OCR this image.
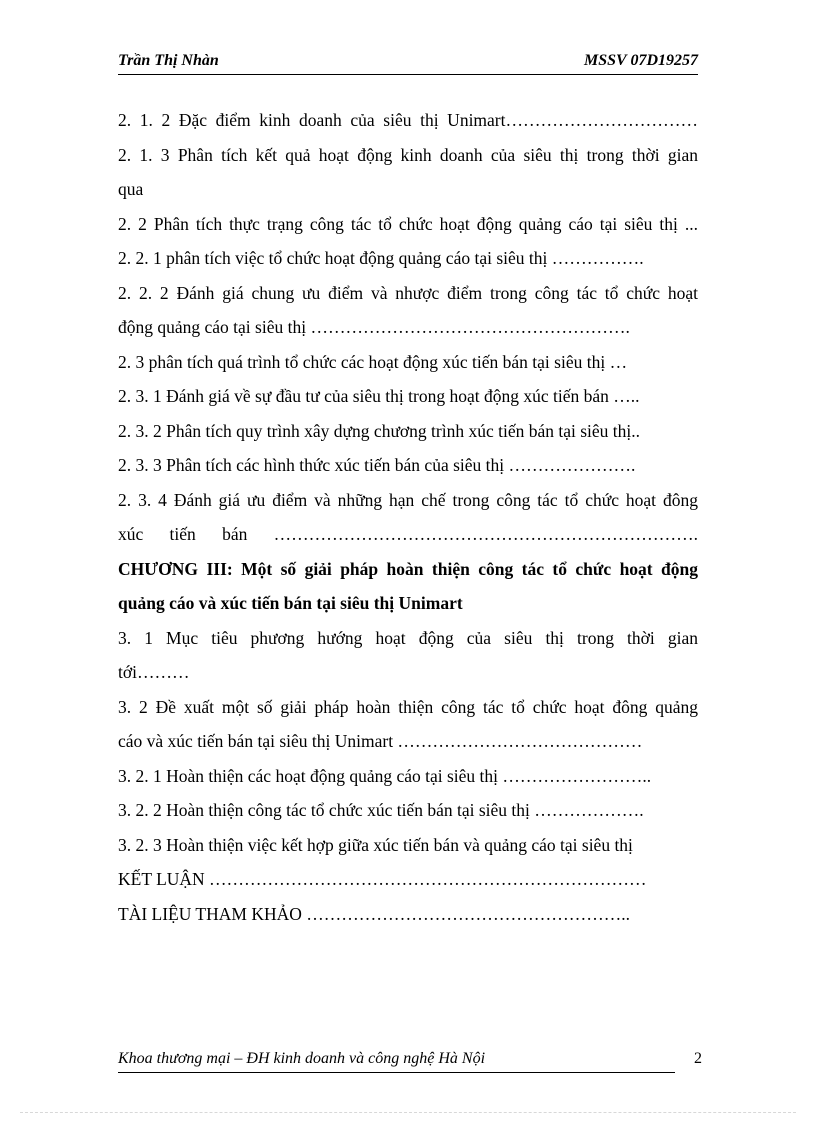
Trần Thị Nhàn	MSSV 07D19257
2. 1. 2 Đặc điểm kinh doanh của siêu thị Unimart……………………………
2. 1. 3 Phân tích kết quả hoạt động kinh doanh của siêu thị trong thời gian
qua
2. 2 Phân tích thực trạng công tác tổ chức hoạt động quảng cáo tại siêu thị ...
2. 2. 1 phân tích việc tổ chức hoạt động quảng cáo tại siêu thị …………….
2. 2. 2 Đánh giá chung ưu điểm và nhược điểm trong công tác tổ chức hoạt
động quảng cáo tại siêu thị ……………………………………………….
2. 3 phân tích quá trình tổ chức các hoạt động xúc tiến bán tại siêu thị …
2. 3. 1 Đánh giá về sự đầu tư của siêu thị trong hoạt động xúc tiến bán …..
2. 3. 2 Phân tích quy trình xây dựng chương trình xúc tiến bán tại siêu thị..
2. 3. 3 Phân tích các hình thức xúc tiến bán của siêu thị ………………….
2. 3. 4 Đánh giá ưu điểm và những hạn chế trong công tác tổ chức hoạt đông
xúc tiến bán ……………………………………………………………….
CHƯƠNG III: Một số giải pháp hoàn thiện công tác tổ chức hoạt động
quảng cáo và xúc tiến bán tại siêu thị Unimart
3. 1 Mục tiêu phương hướng hoạt động của siêu thị trong thời gian
tới………
3. 2 Đề xuất một số giải pháp hoàn thiện công tác tổ chức hoạt đông quảng
cáo và xúc tiến bán tại siêu thị Unimart ……………………………………
3. 2. 1 Hoàn thiện các hoạt động quảng cáo tại siêu thị ……………………..
3. 2. 2 Hoàn thiện công tác tổ chức xúc tiến bán tại siêu thị ……………….
3. 2. 3 Hoàn thiện việc kết hợp giữa xúc tiến bán và quảng cáo tại siêu thị
KẾT LUẬN …………………………………………………………………
TÀI LIỆU THAM KHẢO ………………………………………………..
Khoa thương mại – ĐH kinh doanh và công nghệ Hà Nội	2
